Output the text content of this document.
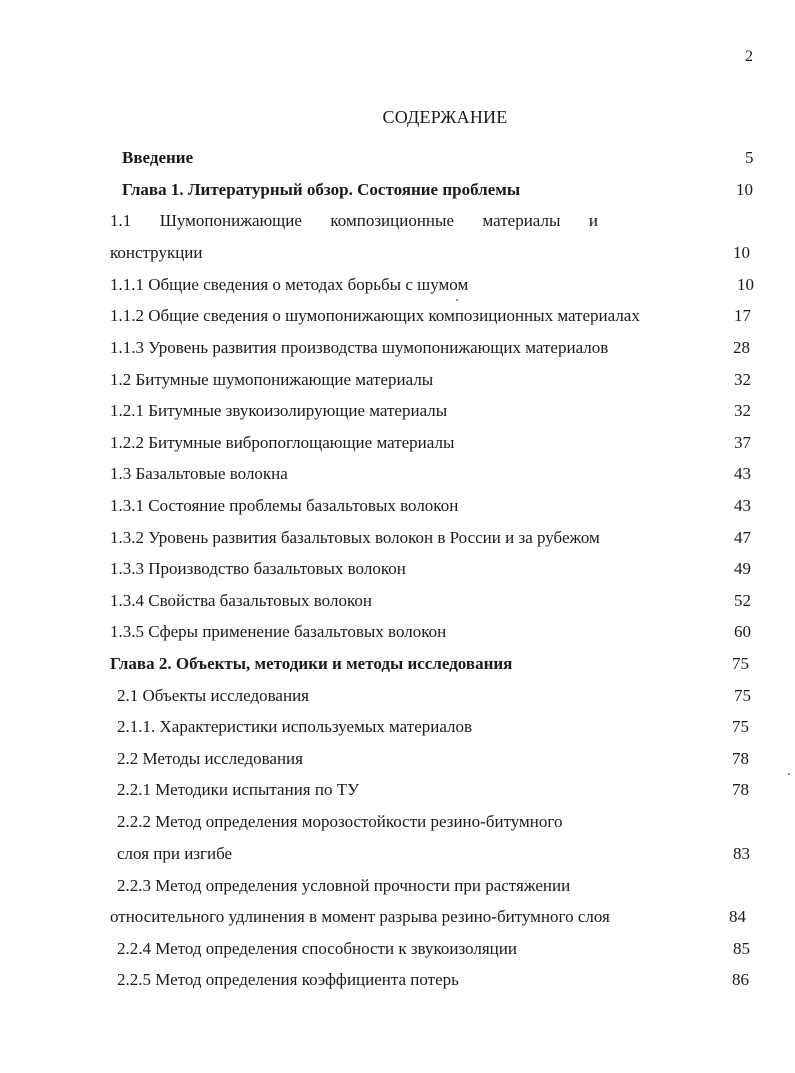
2
СОДЕРЖАНИЕ
Введение	5
Глава 1. Литературный обзор. Состояние проблемы	10
1.1 Шумопонижающие композиционные материалы и
конструкции	10
1.1.1 Общие сведения о методах борьбы с шумом	10
1.1.2 Общие сведения о шумопонижающих композиционных материалах	17
1.1.3 Уровень развития производства шумопонижающих материалов	28
1.2 Битумные шумопонижающие материалы	32
1.2.1 Битумные звукоизолирующие материалы	32
1.2.2 Битумные вибропоглощающие материалы	37
1.3 Базальтовые волокна	43
1.3.1 Состояние проблемы базальтовых волокон	43
1.3.2 Уровень развития базальтовых волокон в России и за рубежом	47
1.3.3 Производство базальтовых волокон	49
1.3.4 Свойства базальтовых волокон	52
1.3.5 Сферы применение базальтовых волокон	60
Глава 2. Объекты, методики и методы исследования	75
2.1 Объекты исследования	75
2.1.1. Характеристики используемых материалов	75
2.2 Методы исследования	78
2.2.1 Методики испытания по ТУ	78
2.2.2 Метод определения морозостойкости резино-битумного
слоя при изгибе	83
2.2.3 Метод определения условной прочности при растяжении
относительного удлинения в момент разрыва резино-битумного слоя	84
2.2.4 Метод определения способности к звукоизоляции	85
2.2.5 Метод определения коэффициента потерь	86
